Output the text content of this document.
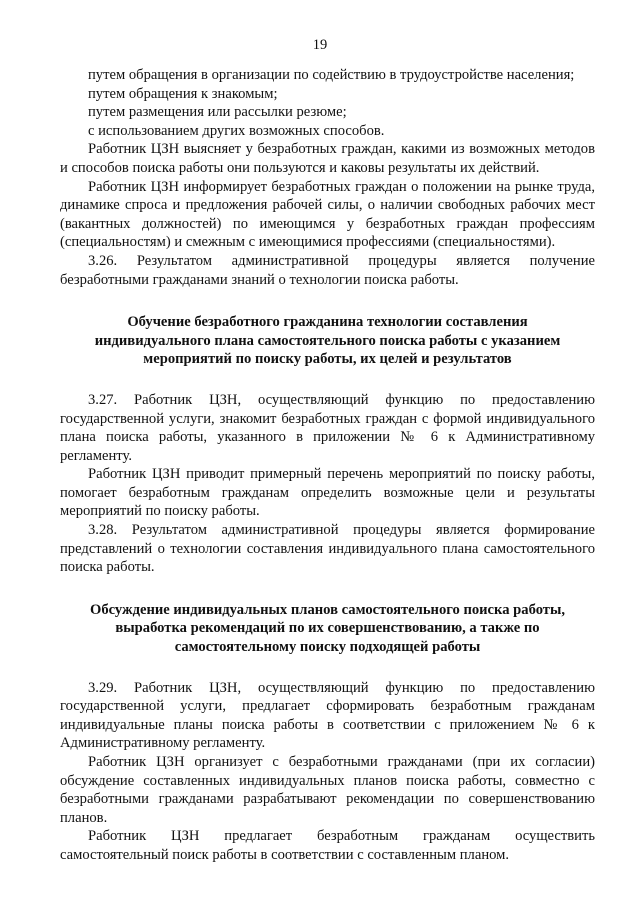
19

путем обращения в организации по содействию в трудоустройстве населения;

путем обращения к знакомым;

путем размещения или рассылки резюме;

с использованием других возможных способов.

Работник ЦЗН выясняет у безработных граждан, какими из возможных методов и способов поиска работы они пользуются и каковы результаты их действий.

Работник ЦЗН информирует безработных граждан о положении на рынке труда, динамике спроса и предложения рабочей силы, о наличии свободных рабочих мест (вакантных должностей) по имеющимся у безработных граждан профессиям (специальностям) и смежным с имеющимися профессиями (специальностями).

3.26. Результатом административной процедуры является получение безработными гражданами знаний о технологии поиска работы.

Обучение безработного гражданина технологии составления
индивидуального плана самостоятельного поиска работы с указанием
мероприятий по поиску работы, их целей и результатов

3.27. Работник ЦЗН, осуществляющий функцию по предоставлению государственной услуги, знакомит безработных граждан с формой индивидуального плана поиска работы, указанного в приложении № 6 к Административному регламенту.

Работник ЦЗН приводит примерный перечень мероприятий по поиску работы, помогает безработным гражданам определить возможные цели и результаты мероприятий по поиску работы.

3.28. Результатом административной процедуры является формирование представлений о технологии составления индивидуального плана самостоятельного поиска работы.

Обсуждение индивидуальных планов самостоятельного поиска работы,
выработка рекомендаций по их совершенствованию, а также по
самостоятельному поиску подходящей работы

3.29. Работник ЦЗН, осуществляющий функцию по предоставлению государственной услуги, предлагает сформировать безработным гражданам индивидуальные планы поиска работы в соответствии с приложением № 6 к Административному регламенту.

Работник ЦЗН организует с безработными гражданами (при их согласии) обсуждение составленных индивидуальных планов поиска работы, совместно с безработными гражданами разрабатывают рекомендации по совершенствованию планов.

Работник ЦЗН предлагает безработным гражданам осуществить самостоятельный поиск работы в соответствии с составленным планом.
